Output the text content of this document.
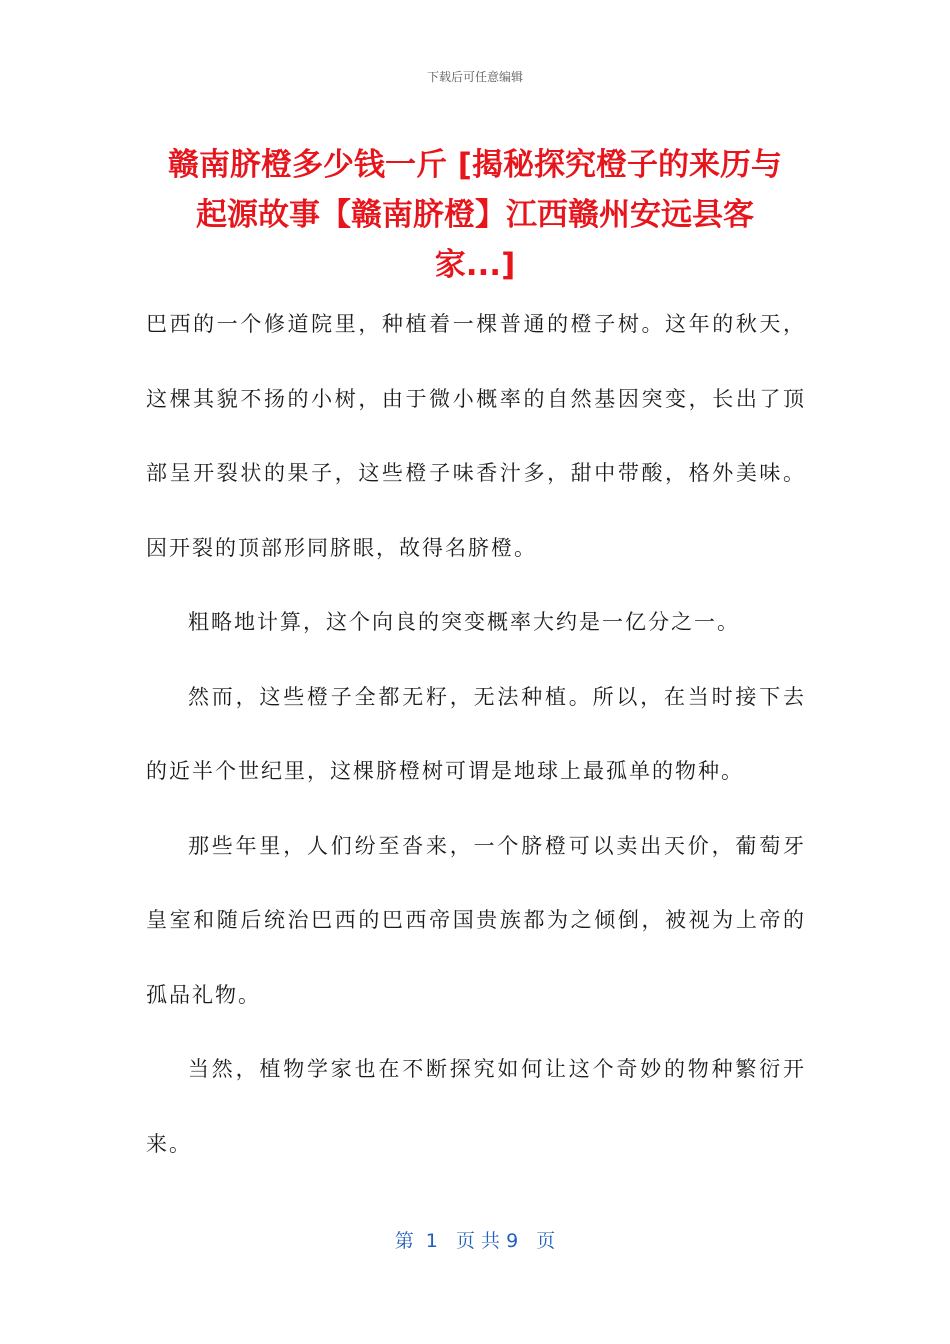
下载后可任意编辑
赣南脐橙多少钱一斤 [揭秘探究橙子的来历与
起源故事【赣南脐橙】江西赣州安远县客
家...]

巴西的一个修道院里，种植着一棵普通的橙子树。这年的秋天，这棵其貌不扬的小树，由于微小概率的自然基因突变，长出了顶部呈开裂状的果子，这些橙子味香汁多，甜中带酸，格外美味。因开裂的顶部形同脐眼，故得名脐橙。

粗略地计算，这个向良的突变概率大约是一亿分之一。

然而，这些橙子全都无籽，无法种植。所以，在当时接下去的近半个世纪里，这棵脐橙树可谓是地球上最孤单的物种。

那些年里，人们纷至沓来，一个脐橙可以卖出天价，葡萄牙皇室和随后统治巴西的巴西帝国贵族都为之倾倒，被视为上帝的孤品礼物。

当然，植物学家也在不断探究如何让这个奇妙的物种繁衍开来。

第  1   页 共 9   页
